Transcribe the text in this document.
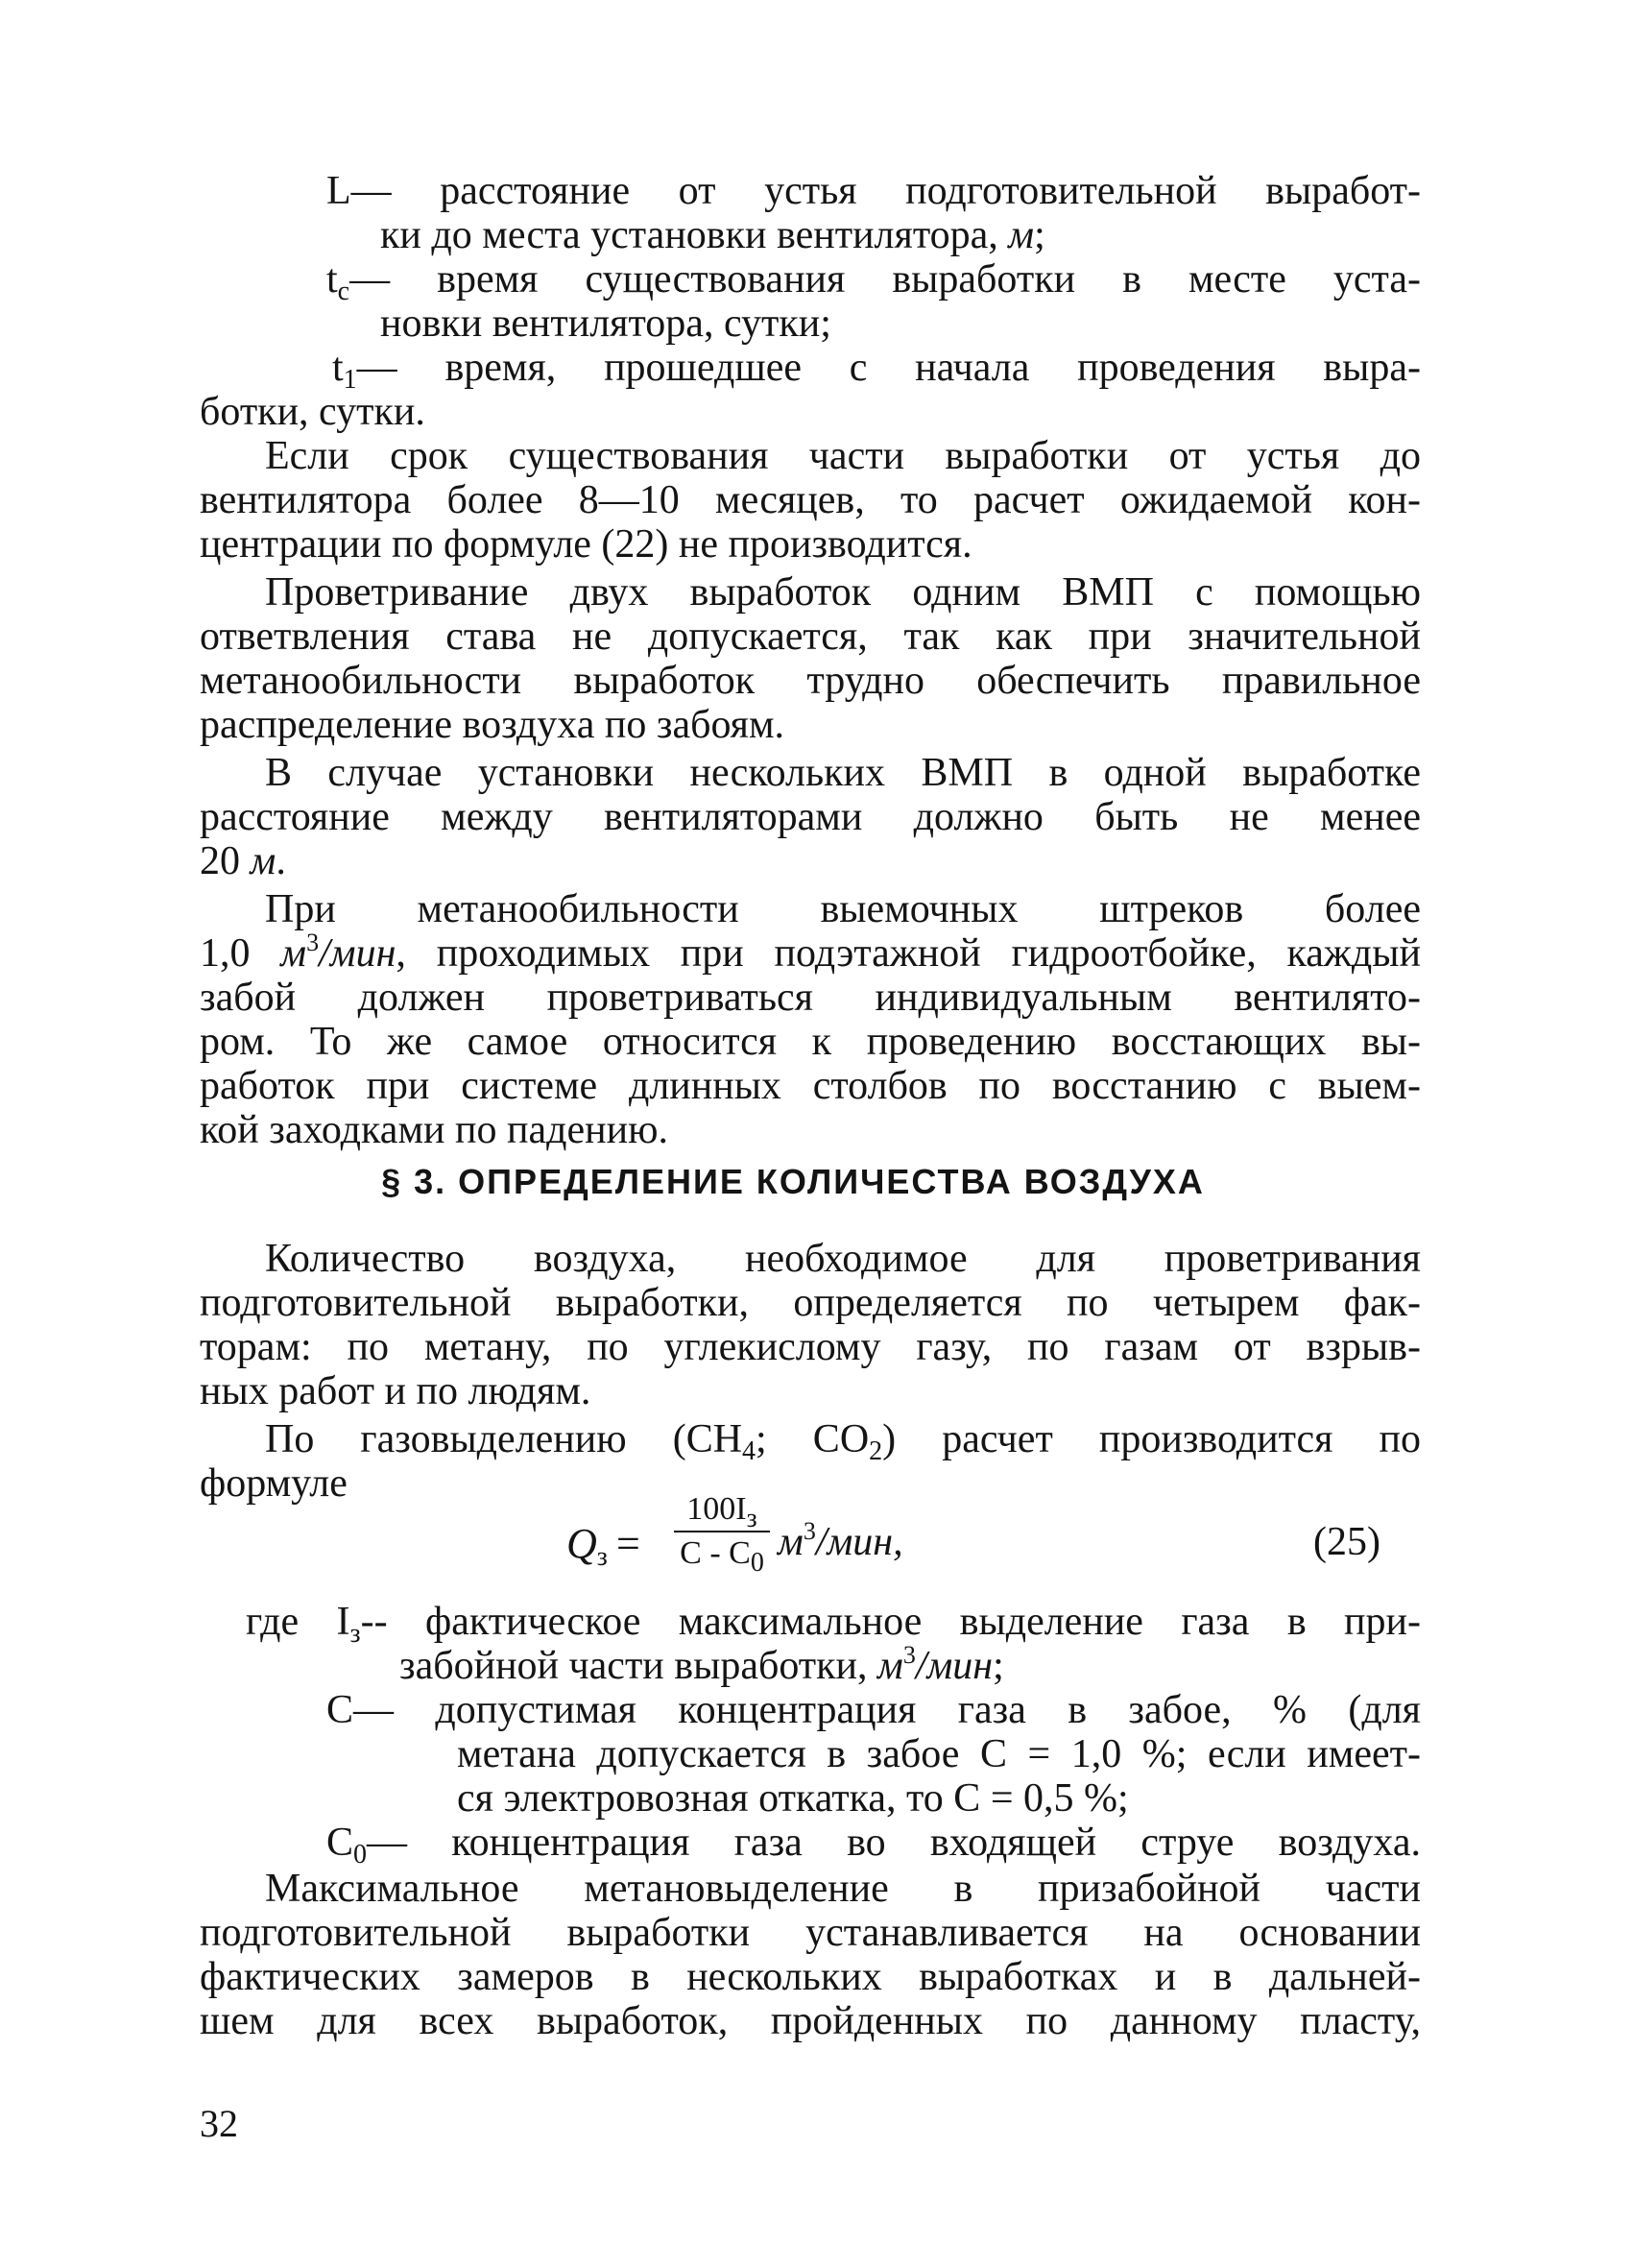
L— расстояние от устья подготовительной выработ-
ки до места установки вентилятора, м;
$t_с—$ время существования выработки в месте уста-
новки вентилятора, сутки;
$t_1—$ время, прошедшее с начала проведения выра-
ботки, сутки.
Если срок существования части выработки от устья до
вентилятора более 8—10 месяцев, то расчет ожидаемой кон-
центрации по формуле (22) не производится.
Проветривание двух выработок одним ВМП с помощью
ответвления става не допускается, так как при значительной
метанообильности выработок трудно обеспечить правильное
распределение воздуха по забоям.
В случае установки нескольких ВМП в одной выработке
расстояние между вентиляторами должно быть не менее
20 м.
При метанообильности выемочных штреков более
1,0 $м^3$/мин, проходимых при подэтажной гидроотбойке, каждый
забой должен проветриваться индивидуальным вентилято-
ром. То же самое относится к проведению восстающих вы-
работок при системе длинных столбов по восстанию с выем-
кой заходками по падению.
§ 3. ОПРЕДЕЛЕНИЕ КОЛИЧЕСТВА ВОЗДУХА
Количество воздуха, необходимое для проветривания
подготовительной выработки, определяется по четырем фак-
торам: по метану, по углекислому газу, по газам от взрыв-
ных работ и по людям.
По газовыделению ($CH_4$; $CO_2$) расчет производится по
формуле
$Q_з$ =
$100I_з$
C - $C_0$ $м^3$/мин,	(25)
где $I_з--$ фактическое максимальное выделение газа в при-
забойной части выработки, $м^3$/мин;
C— допустимая концентрация газа в забое, % (для
метана допускается в забое C = 1,0 %; если имеет-
ся электровозная откатка, то C = 0,5 %;
$C_0—$ концентрация газа во входящей струе воздуха.
Максимальное метановыделение в призабойной части
подготовительной выработки устанавливается на основании
фактических замеров в нескольких выработках и в дальней-
шем для всех выработок, пройденных по данному пласту,
32
